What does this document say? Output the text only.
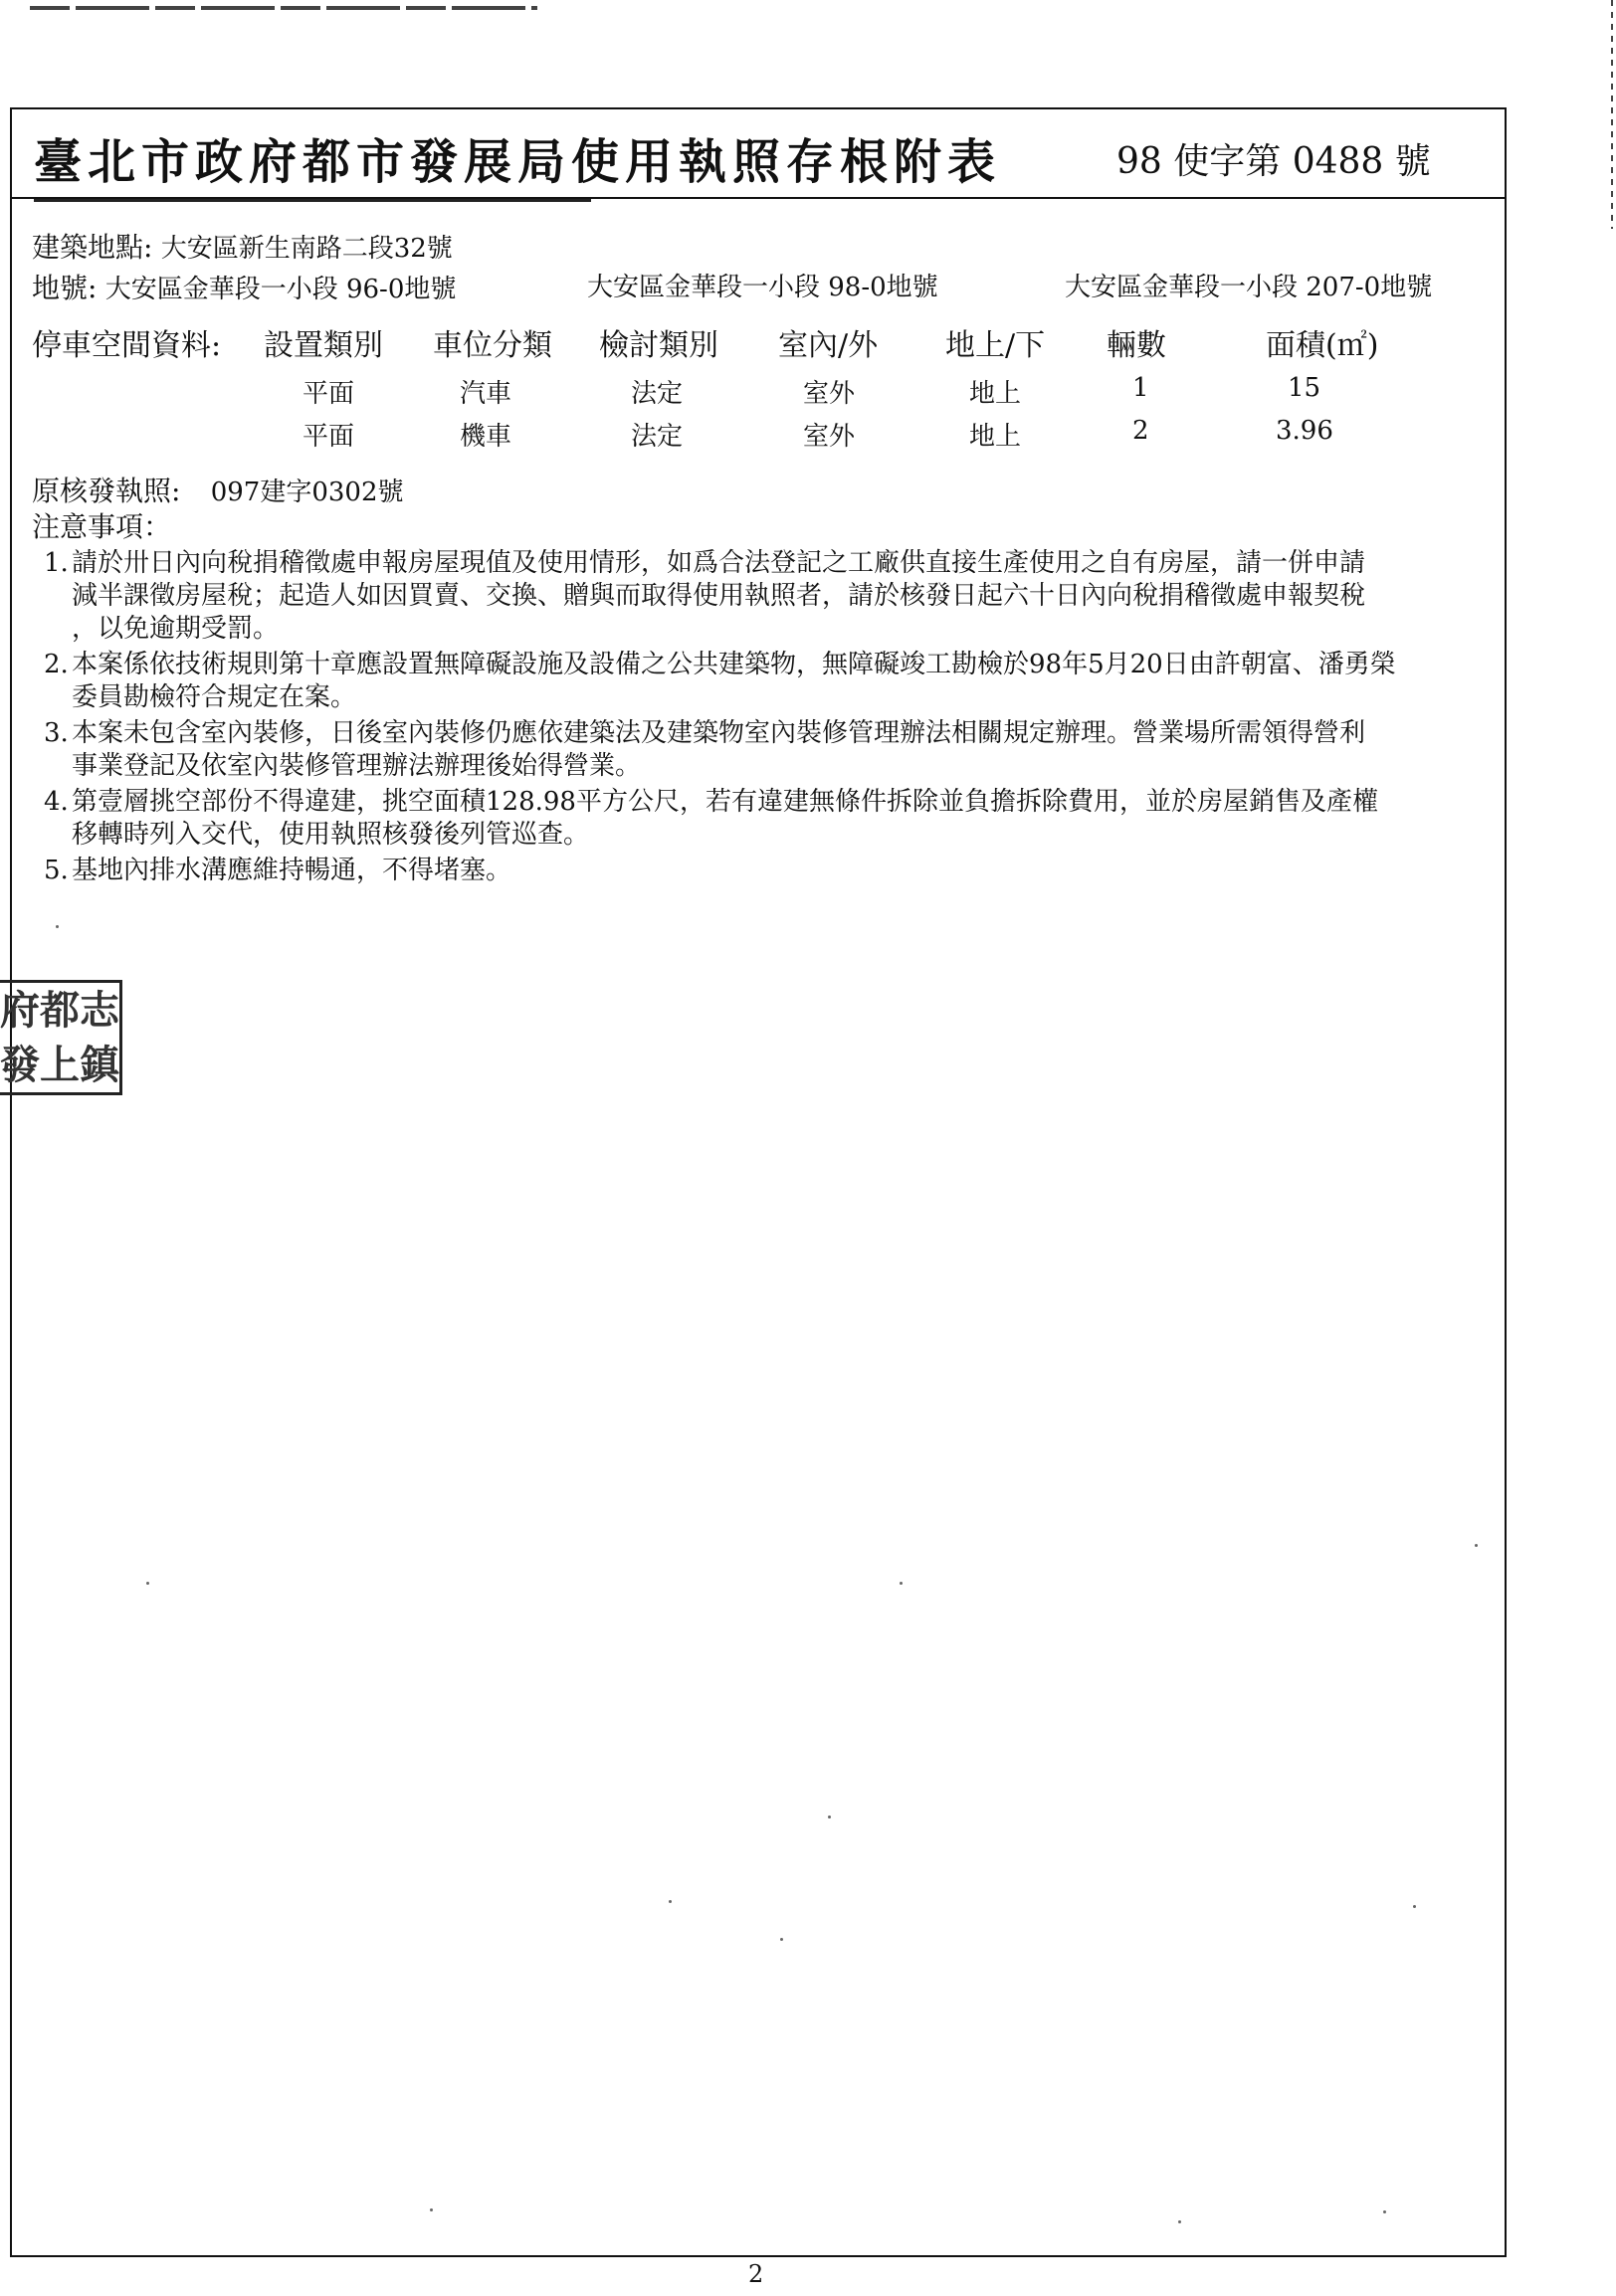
臺北市政府都市發展局使用執照存根附表	98 使字第 0488 號
建築地點: 大安區新生南路二段32號
地號: 大安區金華段一小段 96-0地號	大安區金華段一小段 98-0地號	大安區金華段一小段 207-0地號
停車空間資料: 設置類別 車位分類 檢討類別 室內/外 地上/下 輛數	面積(㎡)
平面	汽車	法定	室外	地上	1	15
平面	機車	法定	室外	地上	2	3.96
原核發執照: 097建字0302號
注意事項：
1. 請於卅日內向稅捐稽徵處申報房屋現值及使用情形，如爲合法登記之工廠供直接生產使用之自有房屋，請一併申請
減半課徵房屋稅；起造人如因買賣、交換、贈與而取得使用執照者，請於核發日起六十日內向稅捐稽徵處申報契稅
，以免逾期受罰。
2. 本案係依技術規則第十章應設置無障礙設施及設備之公共建築物，無障礙竣工勘檢於98年5月20日由許朝富、潘勇榮
委員勘檢符合規定在案。
3. 本案未包含室內裝修，日後室內裝修仍應依建築法及建築物室內裝修管理辦法相關規定辦理。營業場所需領得營利
事業登記及依室內裝修管理辦法辦理後始得營業。
4. 第壹層挑空部份不得違建，挑空面積128.98平方公尺，若有違建無條件拆除並負擔拆除費用，並於房屋銷售及產權
移轉時列入交代，使用執照核發後列管巡查。
5. 基地內排水溝應維持暢通，不得堵塞。
府 都 志
發 上 鎮
2
